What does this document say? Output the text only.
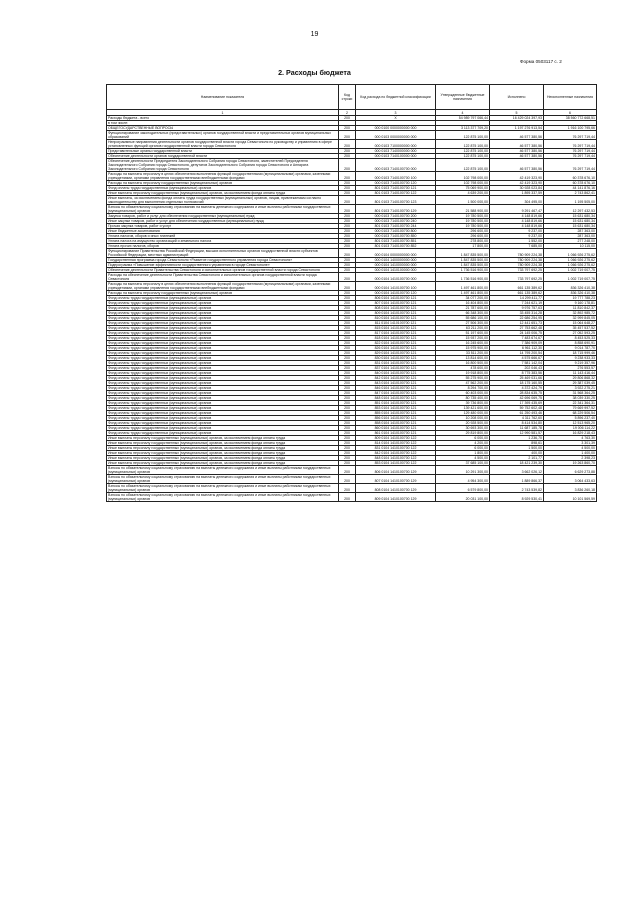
19
Форма 0503117 с. 2
2. Расходы бюджета
Наименование показателя	Код строки	Код расхода по бюджетной классификации	Утвержденные бюджетные назначения	Исполнено	Неисполненные назначения
1	2	3	4	5	6
Расходы бюджета - всего	200	X	54 989 797 066,44	16 429 024 397,93	38 560 772 668,51
в том числе:					
ОБЩЕГОСУДАРСТВЕННЫЕ ВОПРОСЫ	200	000 0100 0000000000 000	3 113 377 709,20	1 197 276 913,54	1 916 100 795,66
Функционирование законодательных (представительных) органов государственной власти и представительных органов муниципальных образований	200	000 0103 0000000000 000	122 875 100,00	46 577 380,56	76 297 719,44
Непрограммные направления деятельности органов государственной власти города Севастополя по руководству и управлению в сфере установленных функций органов государственной власти города Севастополя	200	000 0103 7100000000 000	122 875 100,00	46 577 380,56	76 297 719,44
Представительные органы государственной власти	200	000 0103 7140000000 000	122 875 100,00	46 577 380,56	76 297 719,44
Обеспечение деятельности органов государственной власти	200	000 0103 7140100000 000	122 875 100,00	46 577 380,56	76 297 719,44
Обеспечение деятельности Председателя Законодательного Собрания города Севастополя, заместителей Председателя Законодательного Собрания города Севастополя, депутатов Законодательного Собрания города Севастополя и Аппарата Законодательного Собрания города Севастополя	200	000 0103 7140100700 000	122 875 100,00	46 577 380,56	76 297 719,44
Расходы на выплаты персоналу в целях обеспечения выполнения функций государственными (муниципальными) органами, казенными учреждениями, органами управления государственными внебюджетными фондами	200	000 0103 7140100700 100	102 798 000,00	42 419 323,90	60 378 676,10
Расходы на выплаты персоналу государственных (муниципальных) органов	200	000 0103 7140100700 120	102 798 000,00	42 419 323,90	60 378 676,10
Фонд оплаты труда государственных (муниципальных) органов	200	801 0103 7140100700 121	75 069 900,00	30 928 023,84	44 141 876,16
Иные выплаты персоналу государственных (муниципальных) органов, за исключением фонда оплаты труда	200	801 0103 7140100700 122	4 639 200,00	1 895 337,59	2 743 862,41
Иные выплаты, за исключением фонда оплаты труда государственных (муниципальных) органов, лицам, привлекаемым согласно законодательству для выполнения отдельных полномочий	200	801 0103 7140100700 123	1 500 000,00	304 495,00	1 195 505,00
Взносы по обязательному социальному страхованию на выплаты денежного содержания и иные выплаты работникам государственных (муниципальных) органов	200	801 0103 7140100700 129	21 588 900,00	9 291 467,47	12 297 432,53
Закупка товаров, работ и услуг для обеспечения государственных (муниципальных) нужд	200	000 0103 7140100700 200	19 780 500,00	4 148 819,66	15 631 680,34
Иные закупки товаров, работ и услуг для обеспечения государственных (муниципальных) нужд	200	000 0103 7140100700 240	19 780 500,00	4 148 819,66	15 631 680,34
Прочая закупка товаров, работ и услуг	200	801 0103 7140100700 244	19 780 500,00	4 148 819,66	15 631 680,34
Иные бюджетные ассигнования	200	000 0103 7140100700 800	296 600,00	9 237,00	287 363,00
Уплата налогов, сборов и иных платежей	200	000 0103 7140100700 850	296 600,00	9 237,00	287 363,00
Уплата налога на имущество организаций и земельного налога	200	801 0103 7140100700 851	278 800,00	1 552,00	277 248,00
Уплата прочих налогов, сборов	200	801 0103 7140100700 852	17 800,00	7 685,00	10 115,00
Функционирование Правительства Российской Федерации, высших исполнительных органов государственной власти субъектов Российской Федерации, местных администраций	200	000 0104 0000000000 000	1 847 835 500,00	780 909 224,38	1 066 926 275,62
Государственная программа города Севастополя «Развитие государственного управления города Севастополя»	200	000 0104 1400000000 000	1 847 835 500,00	780 909 224,38	1 066 926 275,62
Подпрограмма «Повышение эффективности государственного управления в городе Севастополе»	200	000 0104 1410000000 000	1 847 835 500,00	780 909 224,38	1 066 926 275,62
Обеспечение деятельности Правительства Севастополя и исполнительных органов государственной власти города Севастополя	200	000 0104 1410100000 000	1 736 516 900,00	733 797 692,25	1 002 719 007,75
Расходы на обеспечение деятельности Правительства Севастополя и исполнительных органов государственной власти города Севастополя	200	000 0104 1410100700 000	1 736 516 900,00	733 797 692,25	1 002 719 007,75
Расходы на выплаты персоналу в целях обеспечения выполнения функций государственными (муниципальными) органами, казенными учреждениями, органами управления государственными внебюджетными фондами	200	000 0104 1410100700 100	1 497 461 800,00	661 135 389,62	836 326 410,38
Расходы на выплаты персоналу государственных (муниципальных) органов	200	000 0104 1410100700 120	1 497 461 800,00	661 135 389,62	836 326 410,38
Фонд оплаты труда государственных (муниципальных) органов	200	806 0104 1410100700 121	34 077 200,00	14 299 411,77	19 777 788,23
Фонд оплаты труда государственных (муниципальных) органов	200	807 0104 1410100700 121	16 404 800,00	7 244 621,19	9 160 178,81
Фонд оплаты труда государственных (муниципальных) органов	200	808 0104 1410100700 121	21 787 600,00	9 976 757,63	11 810 842,37
Фонд оплаты труда государственных (муниципальных) органов	200	809 0104 1410100700 121	66 348 300,00	33 455 314,28	32 892 985,72
Фонд оплаты труда государственных (муниципальных) органов	200	810 0104 1410100700 121	55 686 100,00	22 686 254,95	32 999 845,05
Фонд оплаты труда государственных (муниципальных) органов	200	811 0104 1410100700 121	27 506 300,00	12 441 651,73	15 064 648,27
Фонд оплаты труда государственных (муниципальных) органов	200	815 0104 1410100700 121	63 211 200,00	27 753 662,48	35 457 537,52
Фонд оплаты труда государственных (муниципальных) органов	200	817 0104 1410100700 121	51 197 600,00	24 145 006,75	27 052 593,25
Фонд оплаты труда государственных (муниципальных) органов	200	818 0104 1410100700 121	15 937 200,00	7 483 674,67	8 453 525,33
Фонд оплаты труда государственных (муниципальных) органов	200	822 0104 1410100700 121	16 245 600,00	7 386 909,09	8 858 690,91
Фонд оплаты труда государственных (муниципальных) органов	200	826 0104 1410100700 121	15 975 900,00	6 961 112,30	9 014 787,70
Фонд оплаты труда государственных (муниципальных) органов	200	829 0104 1410100700 121	33 511 200,00	14 795 200,54	18 715 999,46
Фонд оплаты труда государственных (муниципальных) органов	200	830 0104 1410100700 121	13 814 600,00	4 575 666,67	9 238 933,33
Фонд оплаты труда государственных (муниципальных) органов	200	831 0104 1410100700 121	16 800 500,00	7 581 142,04	9 219 357,96
Фонд оплаты труда государственных (муниципальных) органов	200	837 0104 1410100700 121	478 600,00	202 046,43	276 553,57
Фонд оплаты труда государственных (муниципальных) органов	200	840 0104 1410100700 121	19 918 800,00	8 775 383,56	11 143 416,44
Фонд оплаты труда государственных (муниципальных) органов	200	842 0104 1410100700 121	55 275 900,00	25 469 031,66	29 806 868,32
Фонд оплаты труда государственных (муниципальных) органов	200	843 0104 1410100700 121	47 562 200,00	18 175 160,55	29 387 039,45
Фонд оплаты труда государственных (муниципальных) органов	200	846 0104 1410100700 121	8 294 700,00	4 372 424,79	3 922 275,21
Фонд оплаты труда государственных (муниципальных) органов	200	847 0104 1410100700 121	60 403 000,00	28 834 635,75	31 568 364,25
Фонд оплаты труда государственных (муниципальных) органов	200	848 0104 1410100700 121	80 735 400,00	42 696 069,75	38 039 330,25
Фонд оплаты труда государственных (муниципальных) органов	200	851 0104 1410100700 121	39 736 800,00	17 395 435,69	22 341 364,31
Фонд оплаты труда государственных (муниципальных) органов	200	853 0104 1410100700 121	139 421 600,00	59 752 602,48	79 669 997,52
Фонд оплаты труда государственных (муниципальных) органов	200	855 0104 1410100700 121	129 480 000,00	61 250 493,46	68 229 506,54
Фонд оплаты труда государственных (муниципальных) органов	200	856 0104 1410100700 121	10 208 000,00	4 311 762,60	5 896 237,40
Фонд оплаты труда государственных (муниципальных) органов	200	858 0104 1410100700 121	20 928 500,00	8 414 534,80	12 513 965,20
Фонд оплаты труда государственных (муниципальных) органов	200	860 0104 1410100700 121	30 693 300,00	11 687 185,78	19 006 114,22
Фонд оплаты труда государственных (муниципальных) органов	200	861 0104 1410100700 121	29 819 800,00	12 990 581,57	16 829 218,43
Иные выплаты персоналу государственных (муниципальных) органов, за исключением фонда оплаты труда	200	809 0104 1410100700 122	6 000,00	1 236,70	4 763,30
Иные выплаты персоналу государственных (муниципальных) органов, за исключением фонда оплаты труда	200	814 0104 1410100700 122	4 200,00	898,61	3 301,39
Иные выплаты персоналу государственных (муниципальных) органов, за исключением фонда оплаты труда	200	831 0104 1410100700 122	6 000,00	1 500,00	4 500,00
Иные выплаты персоналу государственных (муниципальных) органов, за исключением фонда оплаты труда	200	842 0104 1410100700 122	1 800,00	400,00	1 400,00
Иные выплаты персоналу государственных (муниципальных) органов, за исключением фонда оплаты труда	200	848 0104 1410100700 122	4 500,00	2 101,77	2 398,23
Иные выплаты персоналу государственных (муниципальных) органов, за исключением фонда оплаты труда	200	853 0104 1410100700 122	37 685 100,00	18 421 239,30	19 263 860,70
Взносы по обязательному социальному страхованию на выплаты денежного содержания и иные выплаты работникам государственных (муниципальных) органов	200	806 0104 1410100700 129	10 291 300,00	3 662 026,12	6 629 273,88
Взносы по обязательному социальному страхованию на выплаты денежного содержания и иные выплаты работникам государственных (муниципальных) органов	200	807 0104 1410100700 129	4 954 300,00	1 889 866,37	3 064 433,63
Взносы по обязательному социальному страхованию на выплаты денежного содержания и иные выплаты работникам государственных (муниципальных) органов	200	808 0104 1410100700 129	6 579 800,00	2 743 539,82	3 836 260,18
Взносы по обязательному социальному страхованию на выплаты денежного содержания и иные выплаты работникам государственных (муниципальных) органов	200	809 0104 1410100700 129	20 031 100,00	8 929 530,41	10 101 569,59
